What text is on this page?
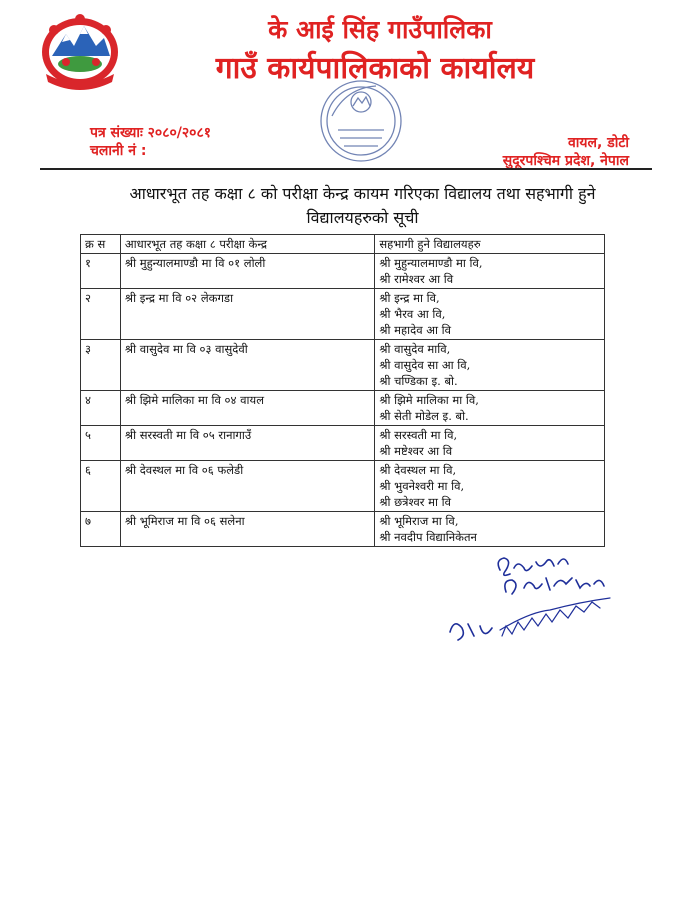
के आई सिंह गाउँपालिका
गाउँ कार्यपालिकाको कार्यालय
पत्र संख्याः २०८०/२०८१
चलानी नं :	वायल, डोटी
सुदूरपश्चिम प्रदेश, नेपाल
आधारभूत तह कक्षा ८ को परीक्षा केन्द्र कायम गरिएका विद्यालय तथा सहभागी हुने विद्यालयहरुको सूची
क्र स	आधारभूत तह कक्षा ८ परीक्षा केन्द्र	सहभागी हुने विद्यालयहरु
१	श्री मुहुन्यालमाण्डौ मा वि ०१ लोली	श्री मुहुन्यालमाण्डौ मा वि,
श्री रामेश्वर आ वि

२	श्री इन्द्र मा वि ०२ लेकगडा	श्री इन्द्र मा वि,
श्री भैरव आ वि,
श्री महादेव आ वि

३	श्री वासुदेव मा वि ०३ वासुदेवी	श्री वासुदेव मावि,
श्री वासुदेव सा आ वि,
श्री चण्डिका इ. बो.

४	श्री झिमे मालिका मा वि ०४ वायल	श्री झिमे मालिका मा वि,
श्री सेती मोडेल इ. बो.

५	श्री सरस्वती मा वि ०५ रानागाउँ	श्री सरस्वती मा वि,
श्री मष्टेश्वर आ वि

६	श्री देवस्थल मा वि ०६ फलेडी	श्री देवस्थल मा वि,
श्री भुवनेश्वरी मा वि,
श्री छत्रेश्वर मा वि

७	श्री भूमिराज मा वि ०६ सलेना	श्री भूमिराज मा वि,
श्री नवदीप विद्यानिकेतन
